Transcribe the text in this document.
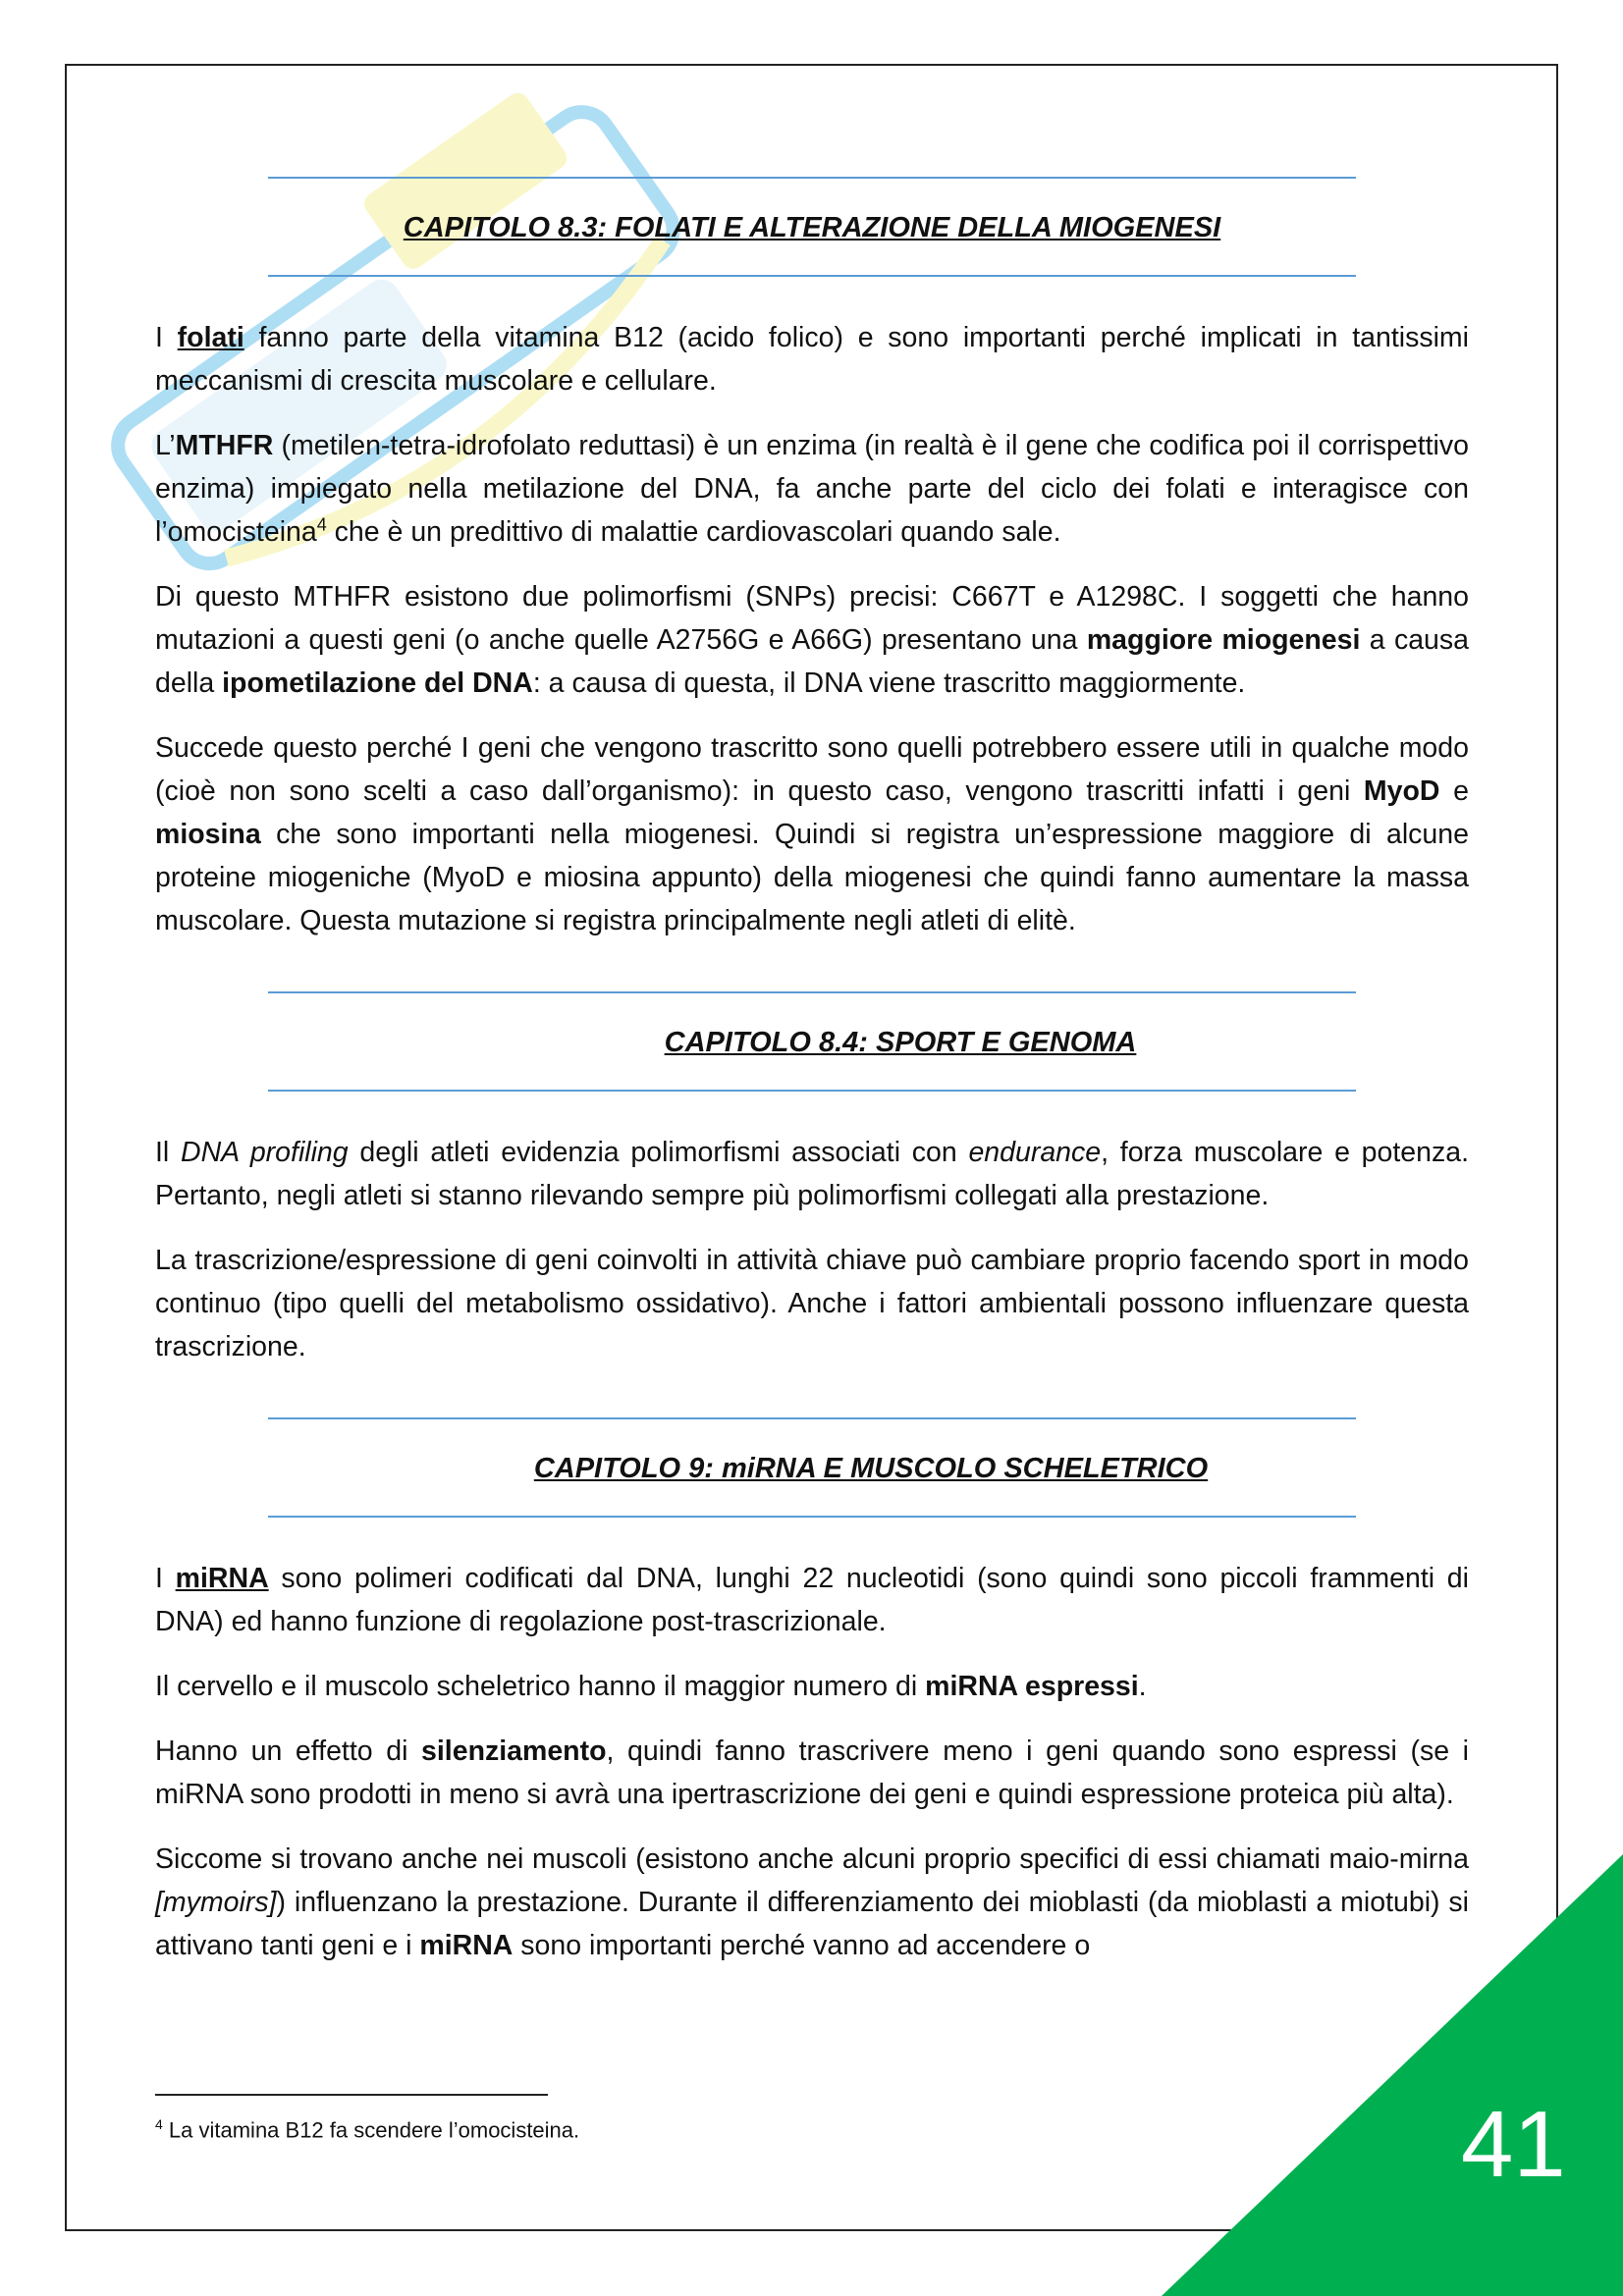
CAPITOLO 8.3: FOLATI E ALTERAZIONE DELLA MIOGENESI

I folati fanno parte della vitamina B12 (acido folico) e sono importanti perché implicati in tantissimi meccanismi di crescita muscolare e cellulare.

L’MTHFR (metilen-tetra-idrofolato reduttasi) è un enzima (in realtà è il gene che codifica poi il corrispettivo enzima) impiegato nella metilazione del DNA, fa anche parte del ciclo dei folati e interagisce con l’omocisteina$^4$ che è un predittivo di malattie cardiovascolari quando sale.

Di questo MTHFR esistono due polimorfismi (SNPs) precisi: C667T e A1298C. I soggetti che hanno mutazioni a questi geni (o anche quelle A2756G e A66G) presentano una maggiore miogenesi a causa della ipometilazione del DNA: a causa di questa, il DNA viene trascritto maggiormente.

Succede questo perché I geni che vengono trascritto sono quelli potrebbero essere utili in qualche modo (cioè non sono scelti a caso dall’organismo): in questo caso, vengono trascritti infatti i geni MyoD e miosina che sono importanti nella miogenesi. Quindi si registra un’espressione maggiore di alcune proteine miogeniche (MyoD e miosina appunto) della miogenesi che quindi fanno aumentare la massa muscolare. Questa mutazione si registra principalmente negli atleti di elitè.

CAPITOLO 8.4: SPORT E GENOMA

Il DNA profiling degli atleti evidenzia polimorfismi associati con endurance, forza muscolare e potenza. Pertanto, negli atleti si stanno rilevando sempre più polimorfismi collegati alla prestazione.

La trascrizione/espressione di geni coinvolti in attività chiave può cambiare proprio facendo sport in modo continuo (tipo quelli del metabolismo ossidativo). Anche i fattori ambientali possono influenzare questa trascrizione.

CAPITOLO 9: miRNA E MUSCOLO SCHELETRICO

I miRNA sono polimeri codificati dal DNA, lunghi 22 nucleotidi (sono quindi sono piccoli frammenti di DNA) ed hanno funzione di regolazione post-trascrizionale.

Il cervello e il muscolo scheletrico hanno il maggior numero di miRNA espressi.

Hanno un effetto di silenziamento, quindi fanno trascrivere meno i geni quando sono espressi (se i miRNA sono prodotti in meno si avrà una ipertrascrizione dei geni e quindi espressione proteica più alta).

Siccome si trovano anche nei muscoli (esistono anche alcuni proprio specifici di essi chiamati maio-mirna [mymoirs]) influenzano la prestazione. Durante il differenziamento dei mioblasti (da mioblasti a miotubi) si attivano tanti geni e i miRNA sono importanti perché vanno ad accendere o

$^4$ La vitamina B12 fa scendere l’omocisteina.	41
